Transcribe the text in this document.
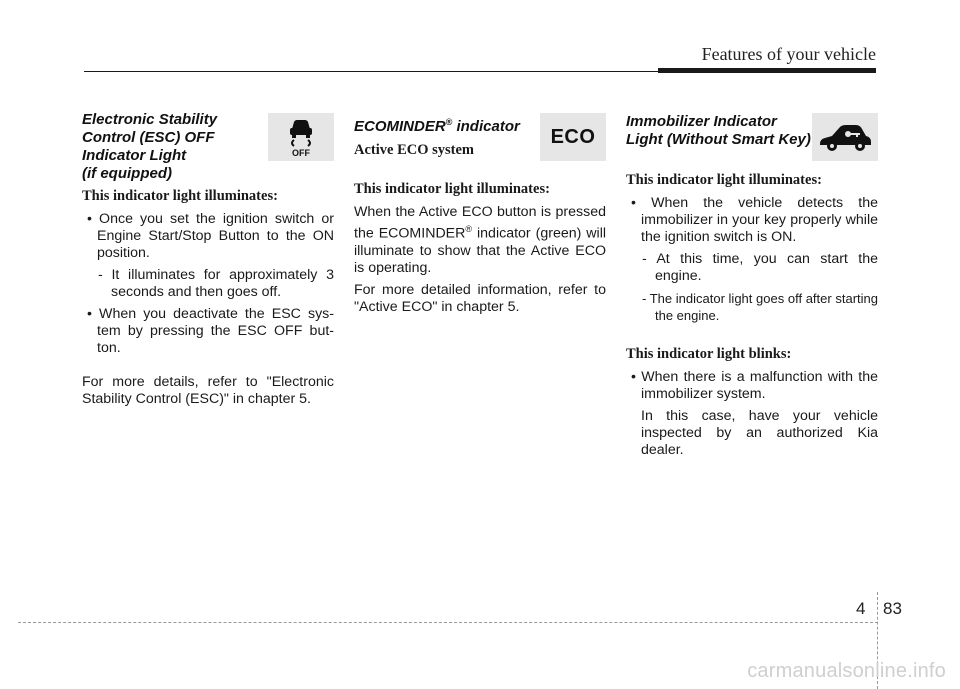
Features of your vehicle
OFF
ECO
Electronic Stability
Control (ESC) OFF
Indicator Light
(if equipped)

This indicator light illuminates:

• Once you set the ignition switch or Engine Start/Stop Button to the ON position.

- It illuminates for approximately 3 seconds and then goes off.

• When you deactivate the ESC sys-tem by pressing the ESC OFF but-ton.

For more details, refer to "Electronic Stability Control (ESC)" in chapter 5.

ECOMINDER® indicator

Active ECO system

This indicator light illuminates:

When the Active ECO button is pressed the ECOMINDER® indicator (green) will illuminate to show that the Active ECO is operating.

For more detailed information, refer to "Active ECO" in chapter 5.

Immobilizer Indicator
Light (Without Smart Key)

This indicator light illuminates:

• When the vehicle detects the immobilizer in your key properly while the ignition switch is ON.

- At this time, you can start the engine.

- The indicator light goes off after starting the engine.

This indicator light blinks:

• When there is a malfunction with the immobilizer system.

In this case, have your vehicle inspected by an authorized Kia dealer.

4 83
carmanualsonline.info
